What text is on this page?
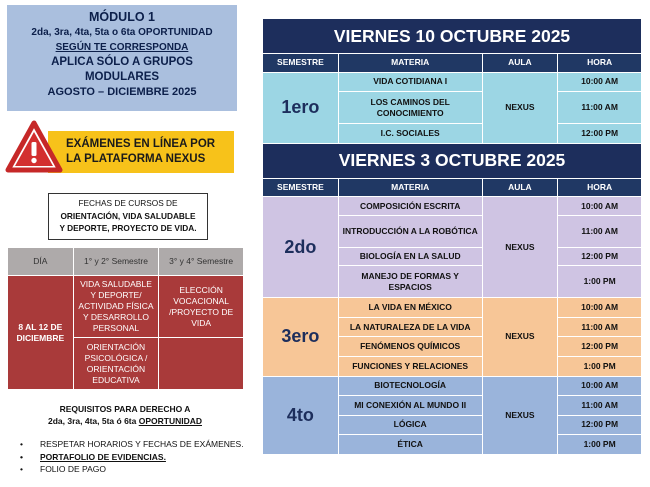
MÓDULO 1
2da, 3ra, 4ta, 5ta o 6ta OPORTUNIDAD
SEGÚN TE CORRESPONDA
APLICA SÓLO A GRUPOS
MODULARES
AGOSTO – DICIEMBRE 2025
EXÁMENES EN LÍNEA POR
LA PLATAFORMA NEXUS
FECHAS DE CURSOS DE
ORIENTACIÓN, VIDA SALUDABLE
Y DEPORTE, PROYECTO DE VIDA.
DÍA	1° y 2° Semestre	3° y 4° Semestre
8 AL 12 DE DICIEMBRE	VIDA SALUDABLE Y DEPORTE/ ACTIVIDAD FÍSICA Y DESARROLLO PERSONAL	ELECCIÓN VOCACIONAL /PROYECTO DE VIDA
	ORIENTACIÓN PSICOLÓGICA / ORIENTACIÓN EDUCATIVA	
REQUISITOS PARA DERECHO A
2da, 3ra, 4ta, 5ta ó 6ta OPORTUNIDAD
• RESPETAR HORARIOS Y FECHAS DE EXÁMENES.
• PORTAFOLIO DE EVIDENCIAS.
• FOLIO DE PAGO
VIERNES 10 OCTUBRE 2025			
SEMESTRE	MATERIA	AULA	HORA
1ero	VIDA COTIDIANA I	NEXUS	10:00 AM
	LOS CAMINOS DEL CONOCIMIENTO		11:00 AM
	I.C. SOCIALES		12:00 PM
VIERNES 3 OCTUBRE 2025			
SEMESTRE	MATERIA	AULA	HORA
2do	COMPOSICIÓN ESCRITA	NEXUS	10:00 AM
	INTRODUCCIÓN A LA ROBÓTICA		11:00 AM
	BIOLOGÍA EN LA SALUD		12:00 PM
	MANEJO DE FORMAS Y ESPACIOS		1:00 PM
3ero	LA VIDA EN MÉXICO	NEXUS	10:00 AM
	LA NATURALEZA DE LA VIDA		11:00 AM
	FENÓMENOS QUÍMICOS		12:00 PM
	FUNCIONES Y RELACIONES		1:00 PM
4to	BIOTECNOLOGÍA	NEXUS	10:00 AM
	MI CONEXIÓN AL MUNDO II		11:00 AM
	LÓGICA		12:00 PM
	ÉTICA		1:00 PM
